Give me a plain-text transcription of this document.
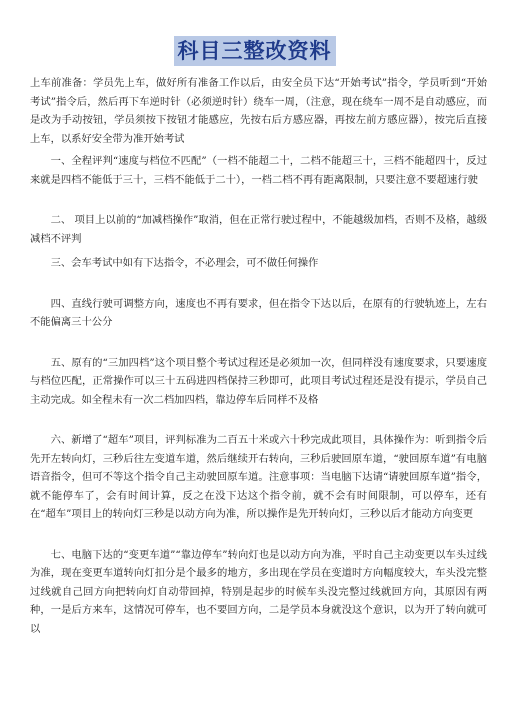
科目三整改资料

上车前准备：学员先上车，做好所有准备工作以后，由安全员下达“开始考试”指令，学员听到“开始考试”指令后，然后再下车逆时针（必须逆时针）绕车一周，（注意，现在绕车一周不是自动感应，而是改为手动按钮，学员须按下按钮才能感应，先按右后方感应器，再按左前方感应器），按完后直接上车，以系好安全带为准开始考试

一、全程评判“速度与档位不匹配”（一档不能超二十，二档不能超三十，三档不能超四十，反过来就是四档不能低于三十，三档不能低于二十），一档二档不再有距离限制，只要注意不要超速行驶

二、 项目上以前的“加减档操作”取消，但在正常行驶过程中，不能越级加档，否则不及格，越级减档不评判

三、会车考试中如有下达指令，不必理会，可不做任何操作

四、直线行驶可调整方向，速度也不再有要求，但在指令下达以后，在原有的行驶轨迹上，左右不能偏离三十公分

五、原有的“三加四档”这个项目整个考试过程还是必须加一次，但同样没有速度要求，只要速度与档位匹配，正常操作可以三十五码进四档保持三秒即可，此项目考试过程还是没有提示，学员自己主动完成。如全程未有一次二档加四档，靠边停车后同样不及格

六、新增了“超车”项目，评判标准为二百五十米或六十秒完成此项目，具体操作为：听到指令后先开左转向灯，三秒后往左变道车道，然后继续开右转向，三秒后驶回原车道，“驶回原车道”有电脑语音指令，但可不等这个指令自己主动驶回原车道。注意事项：当电脑下达请“请驶回原车道”指令，就不能停车了，会有时间计算，反之在没下达这个指令前，就不会有时间限制，可以停车，还有在“超车”项目上的转向灯三秒是以动方向为准，所以操作是先开转向灯，三秒以后才能动方向变更

七、电脑下达的“变更车道”“靠边停车”转向灯也是以动方向为准，平时自己主动变更以车头过线为准，现在变更车道转向灯扣分是个最多的地方，多出现在学员在变道时方向幅度较大，车头没完整过线就自己回方向把转向灯自动带回掉，特别是起步的时候车头没完整过线就回方向，其原因有两种，一是后方来车，这情况可停车，也不要回方向，二是学员本身就没这个意识，以为开了转向就可以
